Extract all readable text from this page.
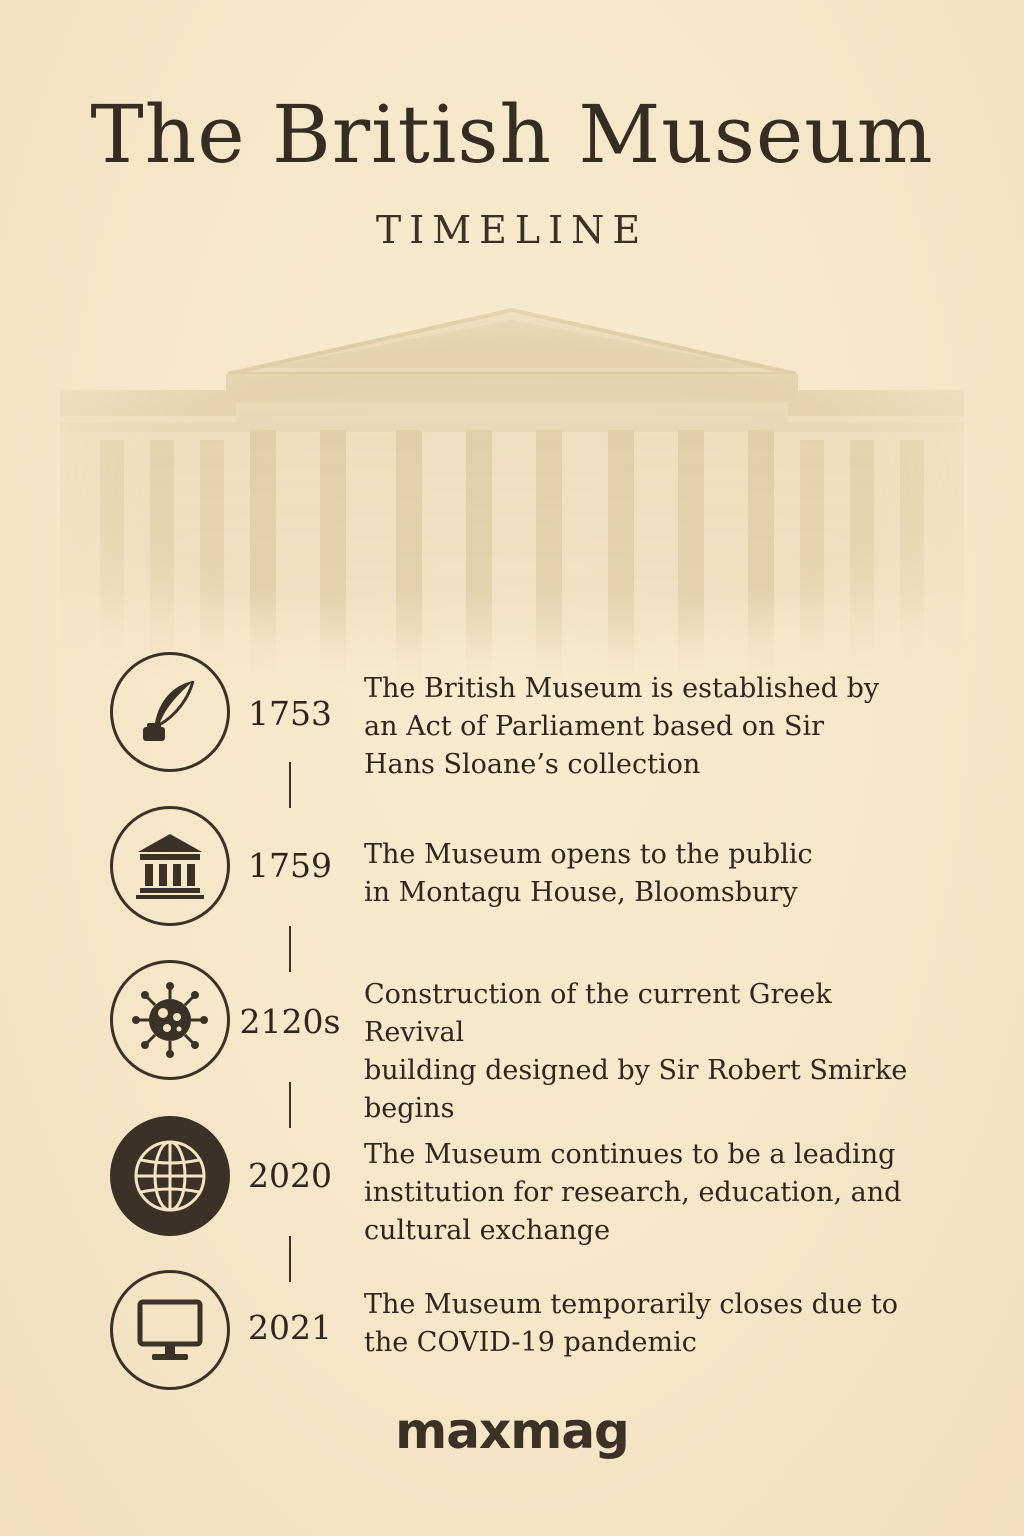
The British Museum
TIMELINE
1753
The British Museum is established by
an Act of Parliament based on Sir
Hans Sloane’s collection
1759	The Museum opens to the public
in Montagu House, Bloomsbury
2120s
Construction of the current Greek Revival
building designed by Sir Robert Smirke
begins
2020
The Museum continues to be a leading
institution for research, education, and
cultural exchange
2021
The Museum temporarily closes due to
the COVID-19 pandemic
maxmag
